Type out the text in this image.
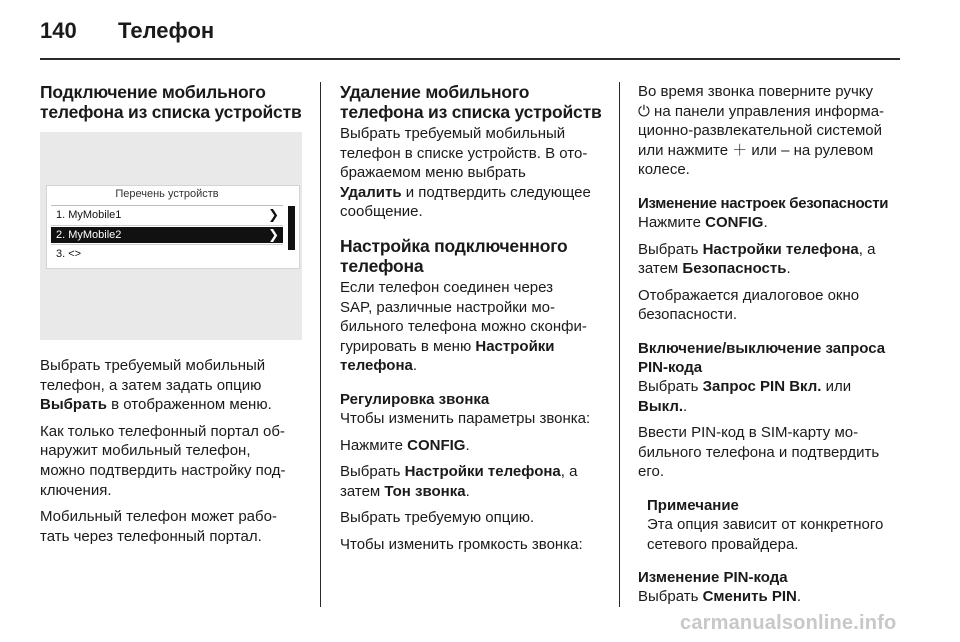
140 Телефон
Подключение мобильного телефона из списка устройств
Перечень устройств
1. MyMobile1	❯
2. MyMobile2	❯
3. <>

Выбрать требуемый мобильный
телефон, а затем задать опцию
Выбрать в отображенном меню.

Как только телефонный портал об-
наружит мобильный телефон,
можно подтвердить настройку под-
ключения.

Мобильный телефон может рабо-
тать через телефонный портал.

Удаление мобильного телефона из списка устройств

Выбрать требуемый мобильный
телефон в списке устройств. В ото-
бражаемом меню выбрать
Удалить и подтвердить следующее сообщение.

Настройка подключенного телефона

Если телефон соединен через
SAP, различные настройки мо-
бильного телефона можно сконфи-
гурировать в меню Настройки телефона.

Регулировка звонка

Чтобы изменить параметры звонка:

Нажмите CONFIG.

Выбрать Настройки телефона, а затем Тон звонка.

Выбрать требуемую опцию.

Чтобы изменить громкость звонка:

Во время звонка поверните ручку
⏻ на панели управления информа-
ционно-развлекательной системой
или нажмите ＋ или – на рулевом
колесе.

Изменение настроек безопасности

Нажмите CONFIG.

Выбрать Настройки телефона, а затем Безопасность.

Отображается диалоговое окно
безопасности.

Включение/выключение запроса PIN-кода

Выбрать Запрос PIN Вкл. или Выкл..

Ввести PIN-код в SIM-карту мо-
бильного телефона и подтвердить
его.

Примечание

Эта опция зависит от конкретного
сетевого провайдера.

Изменение PIN-кода

Выбрать Сменить PIN.

carmanualsonline.info
